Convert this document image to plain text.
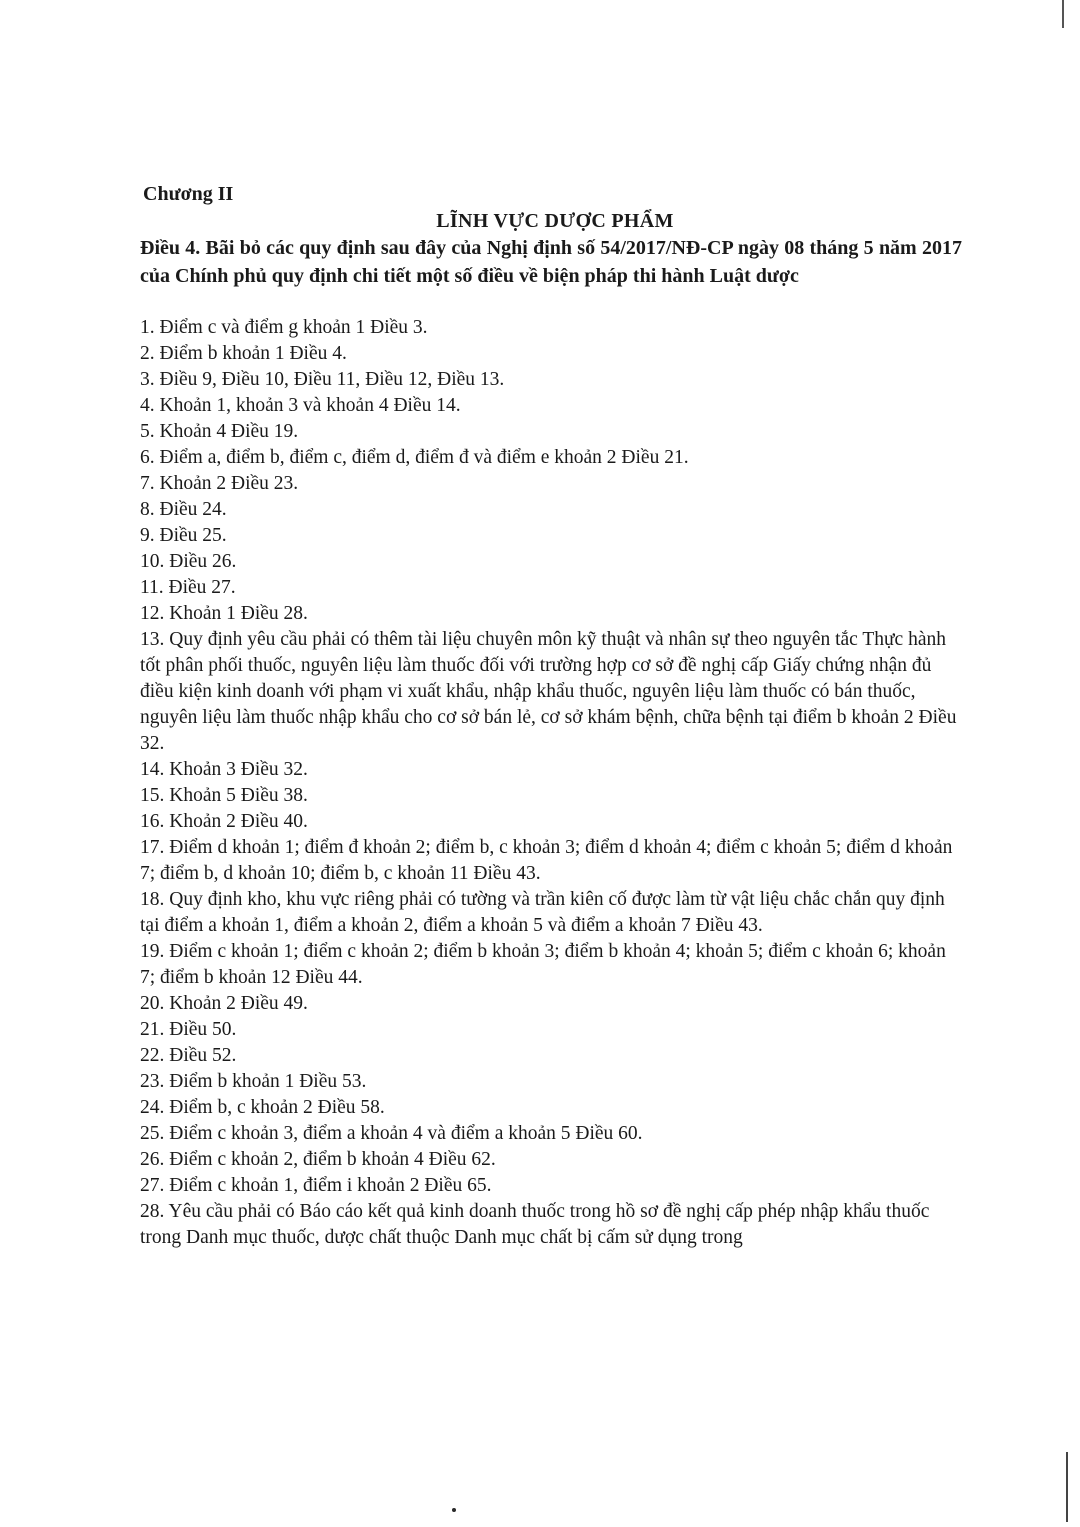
Chương II
LĨNH VỰC DƯỢC PHẨM
Điều 4. Bãi bỏ các quy định sau đây của Nghị định số 54/2017/NĐ-CP ngày 08 tháng 5 năm 2017 của Chính phủ quy định chi tiết một số điều về biện pháp thi hành Luật dược
1. Điểm c và điểm g khoản 1 Điều 3.
2. Điểm b khoản 1 Điều 4.
3. Điều 9, Điều 10, Điều 11, Điều 12, Điều 13.
4. Khoản 1, khoản 3 và khoản 4 Điều 14.
5. Khoản 4 Điều 19.
6. Điểm a, điểm b, điểm c, điểm d, điểm đ và điểm e khoản 2 Điều 21.
7. Khoản 2 Điều 23.
8. Điều 24.
9. Điều 25.
10. Điều 26.
11. Điều 27.
12. Khoản 1 Điều 28.
13. Quy định yêu cầu phải có thêm tài liệu chuyên môn kỹ thuật và nhân sự theo nguyên tắc Thực hành tốt phân phối thuốc, nguyên liệu làm thuốc đối với trường hợp cơ sở đề nghị cấp Giấy chứng nhận đủ điều kiện kinh doanh với phạm vi xuất khẩu, nhập khẩu thuốc, nguyên liệu làm thuốc có bán thuốc, nguyên liệu làm thuốc nhập khẩu cho cơ sở bán lẻ, cơ sở khám bệnh, chữa bệnh tại điểm b khoản 2 Điều 32.
14. Khoản 3 Điều 32.
15. Khoản 5 Điều 38.
16. Khoản 2 Điều 40.
17. Điểm d khoản 1; điểm đ khoản 2; điểm b, c khoản 3; điểm d khoản 4; điểm c khoản 5; điểm d khoản 7; điểm b, d khoản 10; điểm b, c khoản 11 Điều 43.
18. Quy định kho, khu vực riêng phải có tường và trần kiên cố được làm từ vật liệu chắc chắn quy định tại điểm a khoản 1, điểm a khoản 2, điểm a khoản 5 và điểm a khoản 7 Điều 43.
19. Điểm c khoản 1; điểm c khoản 2; điểm b khoản 3; điểm b khoản 4; khoản 5; điểm c khoản 6; khoản 7; điểm b khoản 12 Điều 44.
20. Khoản 2 Điều 49.
21. Điều 50.
22. Điều 52.
23. Điểm b khoản 1 Điều 53.
24. Điểm b, c khoản 2 Điều 58.
25. Điểm c khoản 3, điểm a khoản 4 và điểm a khoản 5 Điều 60.
26. Điểm c khoản 2, điểm b khoản 4 Điều 62.
27. Điểm c khoản 1, điểm i khoản 2 Điều 65.
28. Yêu cầu phải có Báo cáo kết quả kinh doanh thuốc trong hồ sơ đề nghị cấp phép nhập khẩu thuốc trong Danh mục thuốc, dược chất thuộc Danh mục chất bị cấm sử dụng trong
